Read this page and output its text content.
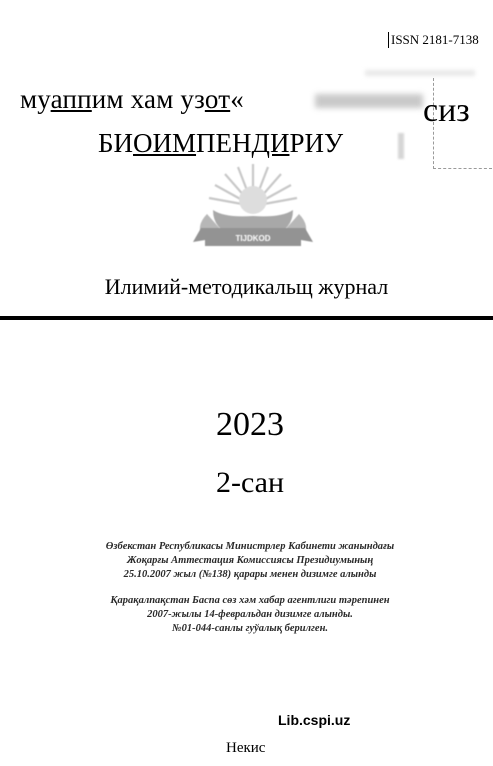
ISSN 2181-7138
муаппим хам узот«	сиз
БИОИМПЕНДИРИУ
TIJDKOD
Илимий-методикальщ журнал
2023
2-сан
Өзбекстан Республикасы Министрлер Кабинети жанындағы
Жоқарғы Аттестация Комиссиясы Президиумының
25.10.2007 жыл (№138) қарары менен дизимге алынды
Қарақалпақстан Баспа сөз хәм хабар агентлиги тәрепинен
2007-жылы 14-февральдан дизимге алынды.
№01-044-санлы гуўалық берилген.
Lib.cspi.uz
Некис
